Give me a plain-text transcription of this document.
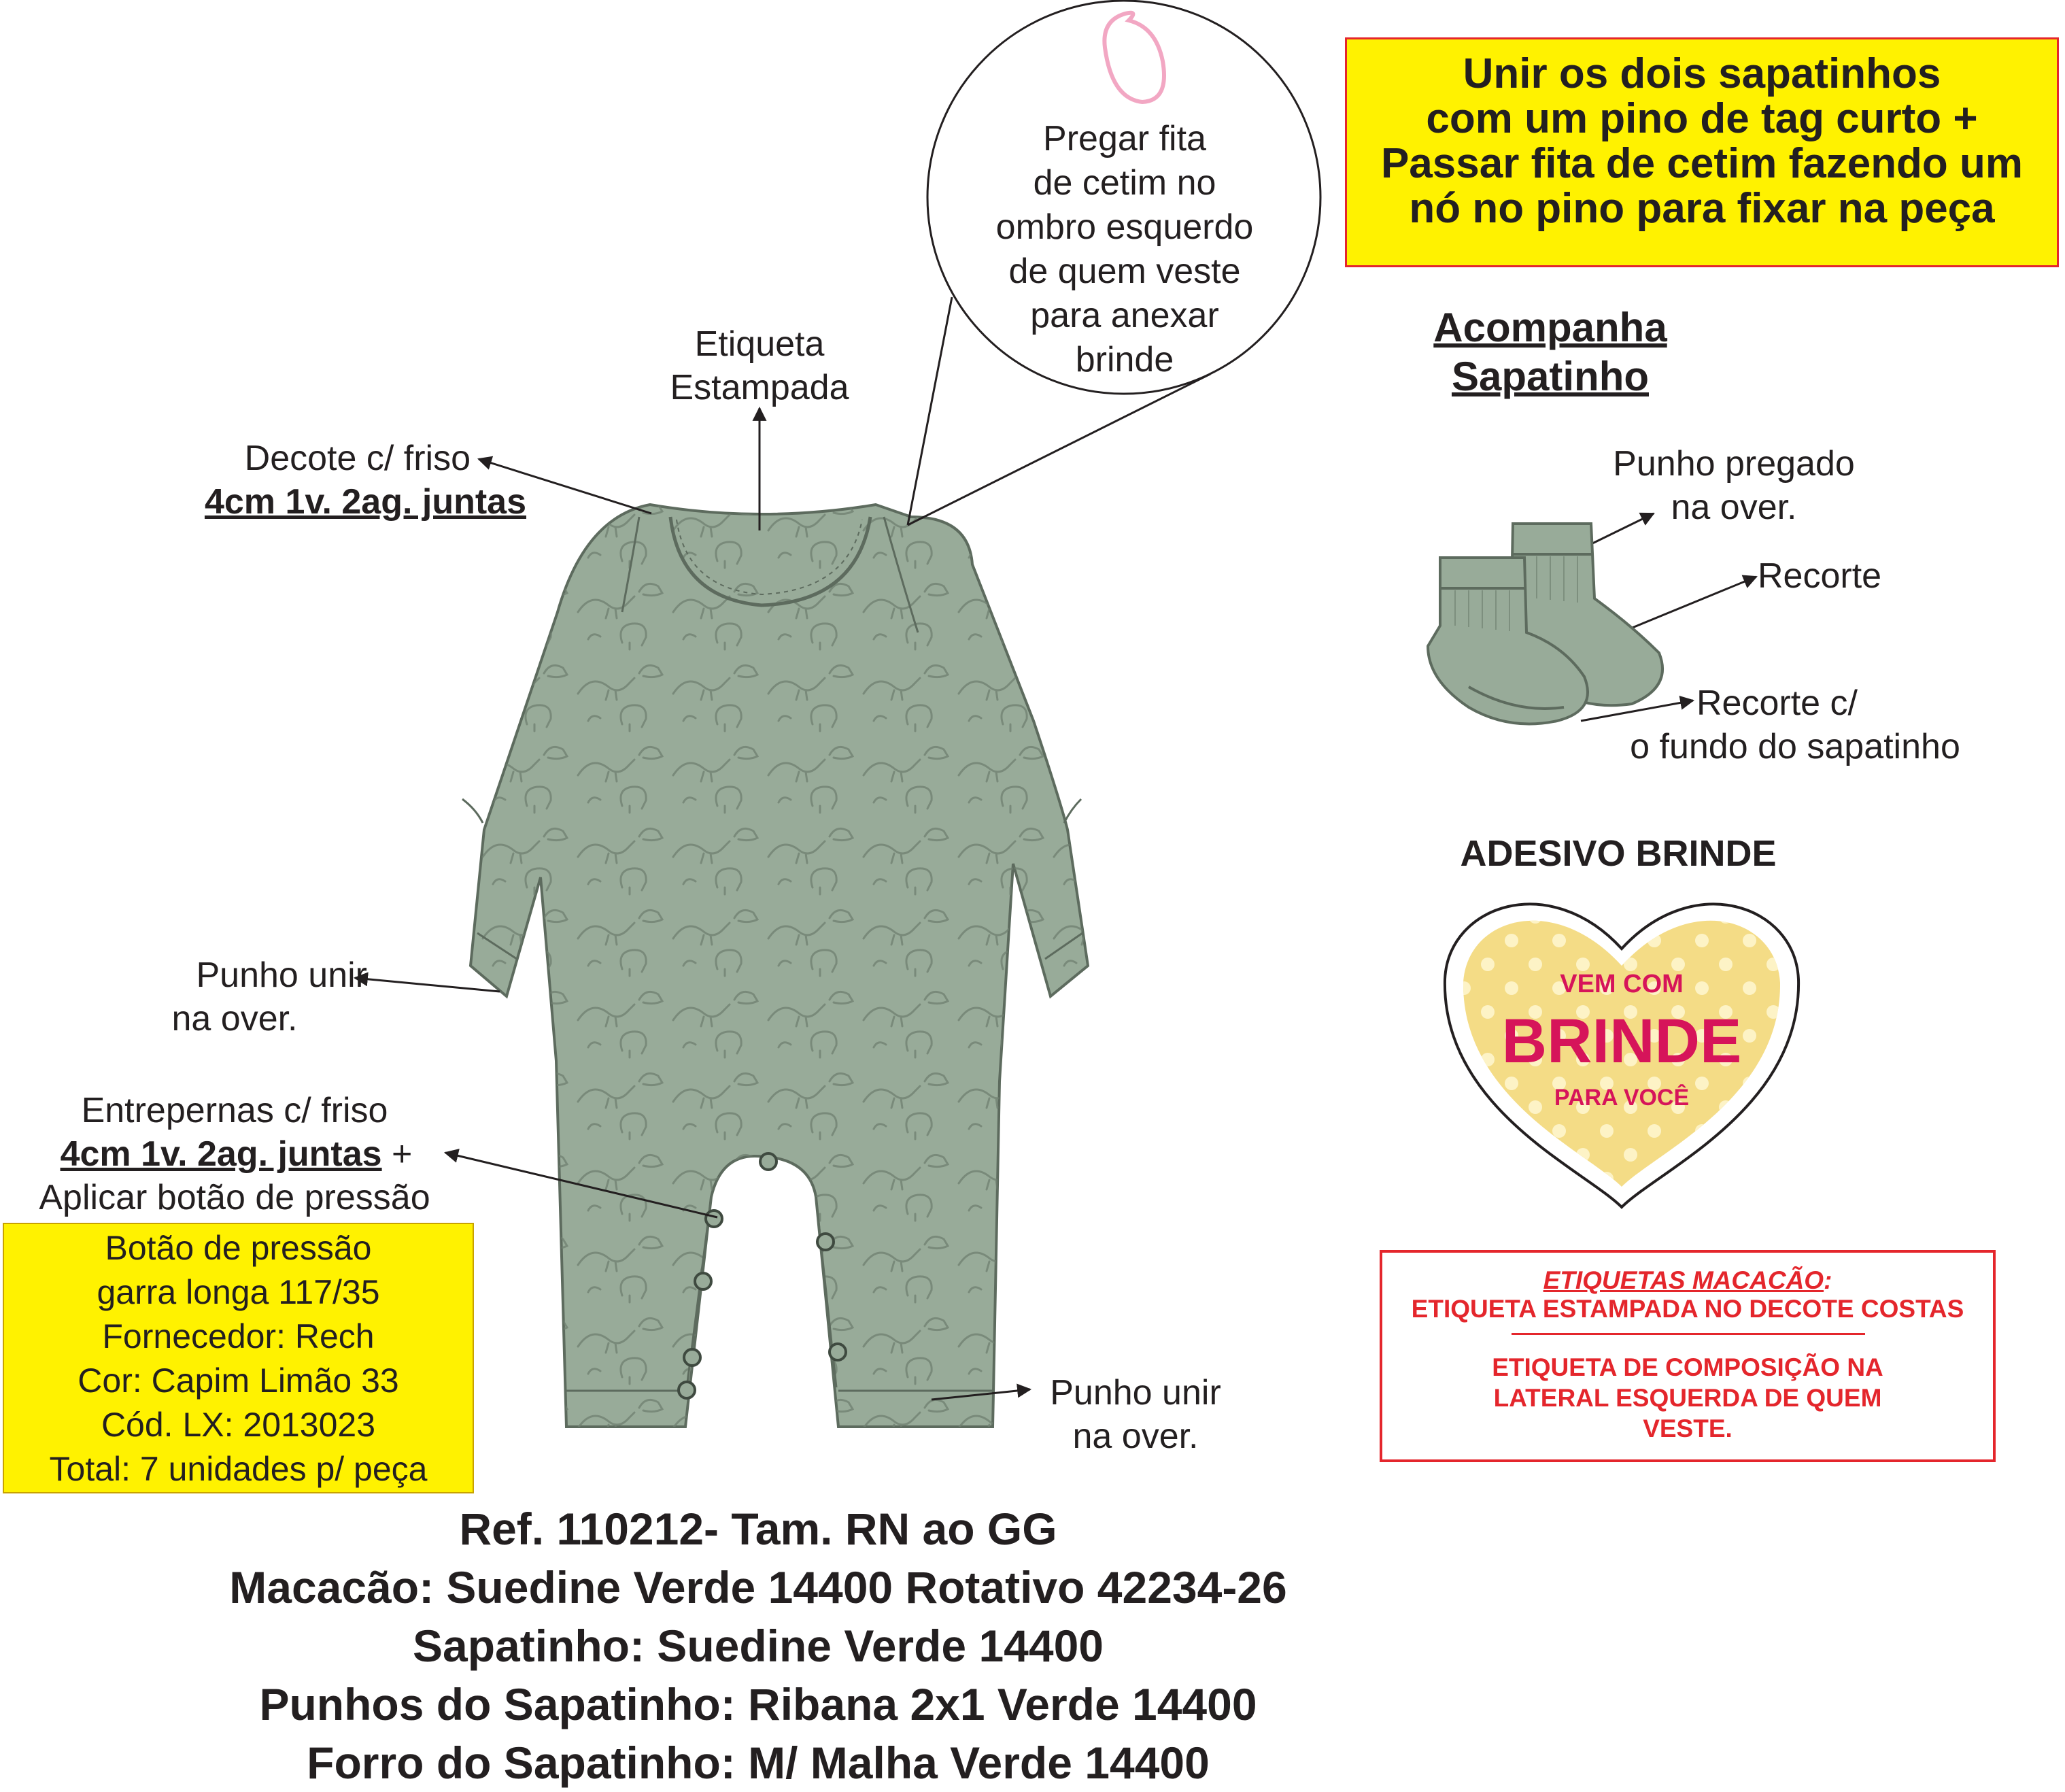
VEM COM
BRINDE
PARA VOCÊ
Pregar fita
de cetim no
ombro esquerdo
de quem veste
para anexar
brinde
Etiqueta
Estampada
Decote c/ friso
4cm 1v. 2ag. juntas
Punho unir
na over.
Entrepernas c/ friso
4cm 1v. 2ag. juntas +
Aplicar botão de pressão
Punho unir
na over.
Unir os dois sapatinhos
com um pino de tag curto +
Passar fita de cetim fazendo um
nó no pino para fixar na peça
Acompanha
Sapatinho
Punho pregado
na over.
Recorte
Recorte c/
o fundo do sapatinho
ADESIVO BRINDE
Botão de pressão
garra longa 117/35
Fornecedor: Rech
Cor: Capim Limão 33
Cód. LX: 2013023
Total: 7 unidades p/ peça
ETIQUETAS MACACÃO:
ETIQUETA ESTAMPADA NO DECOTE COSTAS
ETIQUETA DE COMPOSIÇÃO NA
LATERAL ESQUERDA DE QUEM
VESTE.
Ref. 110212- Tam. RN ao GG
Macacão: Suedine Verde 14400 Rotativo 42234-26
Sapatinho: Suedine Verde 14400
Punhos do Sapatinho: Ribana 2x1 Verde 14400
Forro do Sapatinho: M/ Malha Verde 14400
